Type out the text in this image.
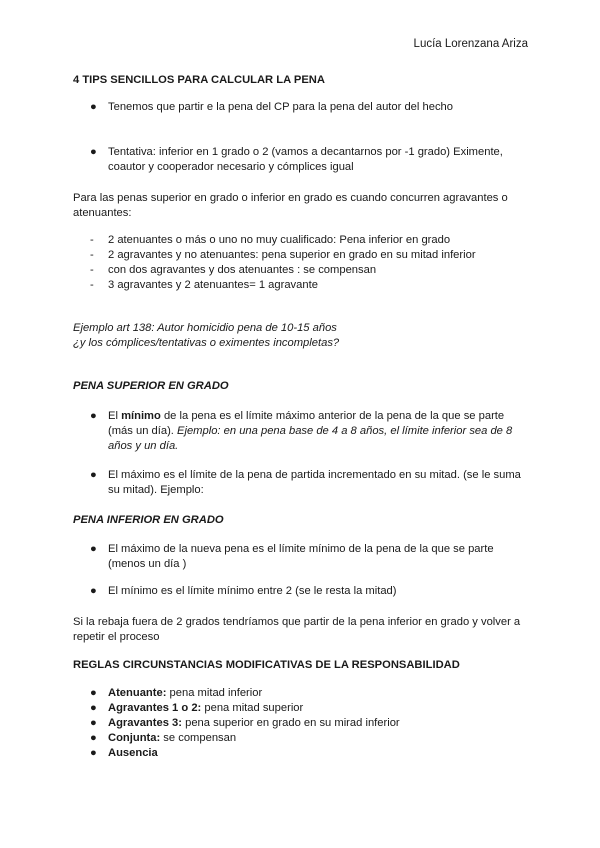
Lucía Lorenzana Ariza
4 TIPS SENCILLOS PARA CALCULAR LA PENA
● Tenemos que partir e la pena del CP para la pena del autor del hecho
● Tentativa: inferior en 1 grado o 2 (vamos a decantarnos por -1 grado) Eximente, coautor y cooperador necesario y cómplices igual
Para las penas superior en grado o inferior en grado es cuando concurren agravantes o atenuantes:
- 2 atenuantes o más o uno no muy cualificado: Pena inferior en grado
- 2 agravantes y no atenuantes: pena superior en grado en su mitad inferior
- con dos agravantes y dos atenuantes : se compensan
- 3 agravantes y 2 atenuantes= 1 agravante
Ejemplo art 138: Autor homicidio pena de 10-15 años
¿y los cómplices/tentativas o eximentes incompletas?
PENA SUPERIOR EN GRADO
● El mínimo de la pena es el límite máximo anterior de la pena de la que se parte (más un día). Ejemplo: en una pena base de 4 a 8 años, el límite inferior sea de 8 años y un día.
● El máximo es el límite de la pena de partida incrementado en su mitad. (se le suma su mitad). Ejemplo:
PENA INFERIOR EN GRADO
● El máximo de la nueva pena es el límite mínimo de la pena de la que se parte (menos un día )
● El mínimo es el límite mínimo entre 2 (se le resta la mitad)
Si la rebaja fuera de 2 grados tendríamos que partir de la pena inferior en grado y volver a repetir el proceso
REGLAS CIRCUNSTANCIAS MODIFICATIVAS DE LA RESPONSABILIDAD
● Atenuante: pena mitad inferior
● Agravantes 1 o 2: pena mitad superior
● Agravantes 3: pena superior en grado en su mirad inferior
● Conjunta: se compensan
● Ausencia
